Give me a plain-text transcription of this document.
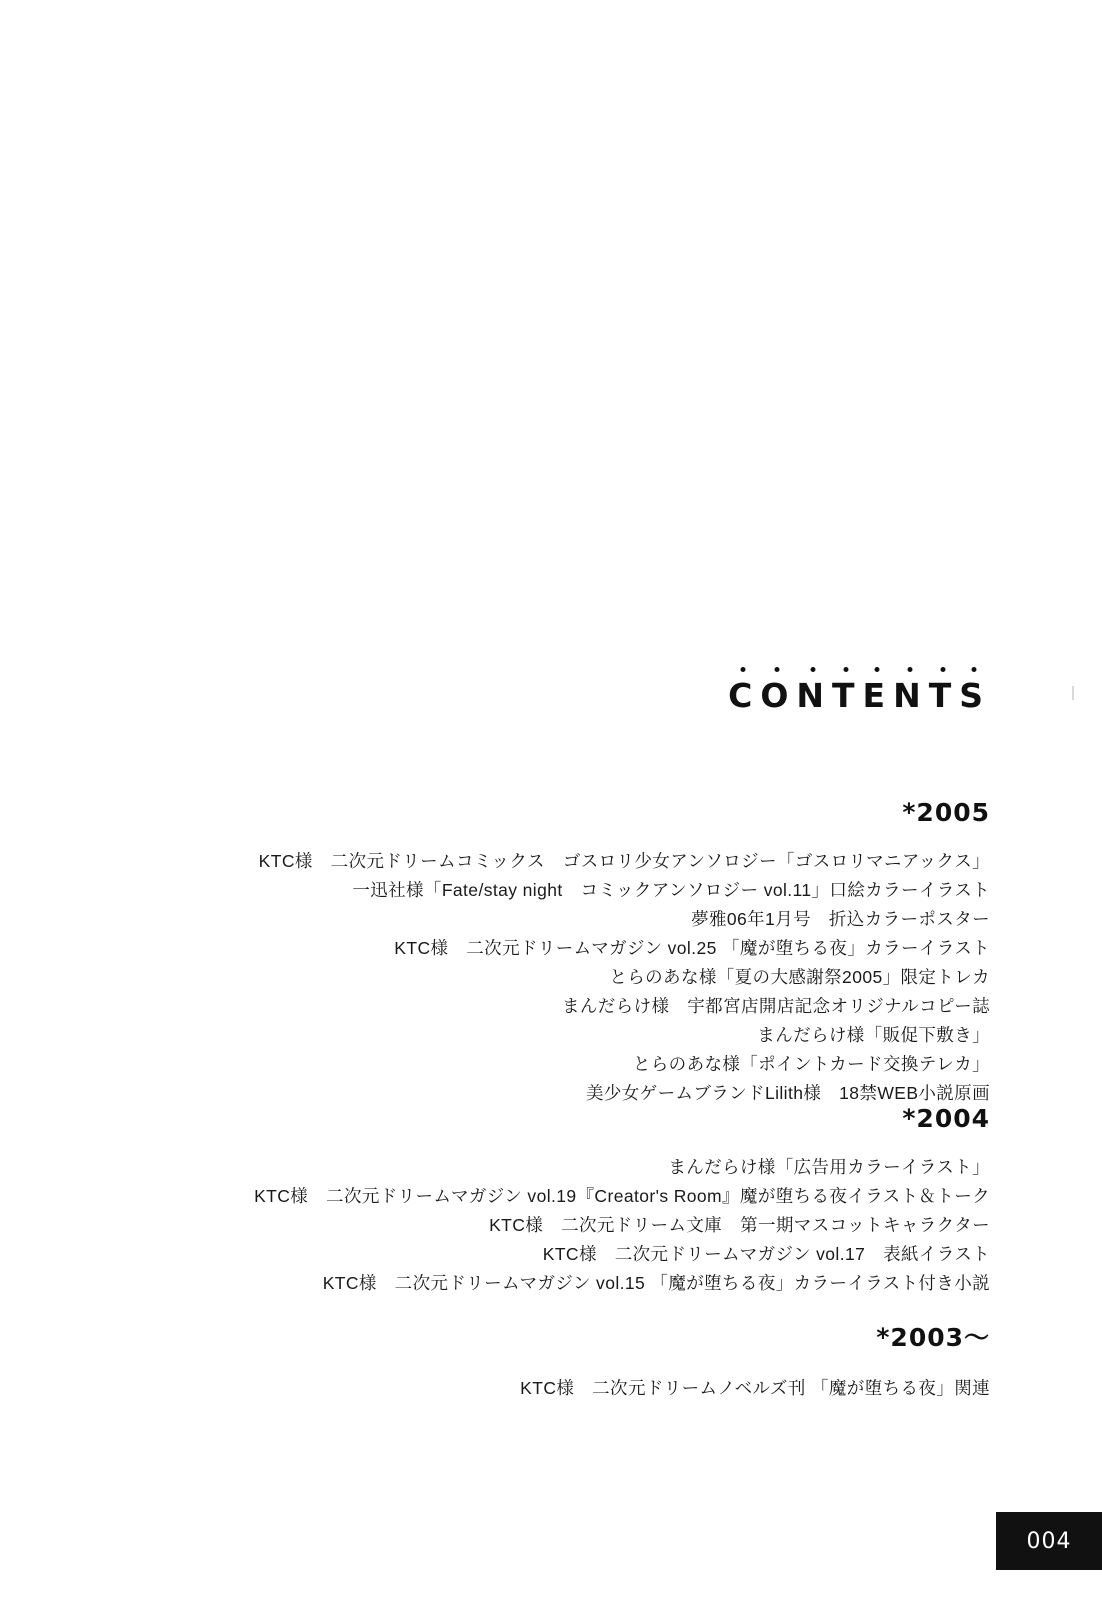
CONTENTS
*2005
KTC様　二次元ドリームコミックス　ゴスロリ少女アンソロジー「ゴスロリマニアックス」
一迅社様「Fate/stay night　コミックアンソロジー vol.11」口絵カラーイラスト
夢雅06年1月号　折込カラーポスター
KTC様　二次元ドリームマガジン vol.25 「魔が堕ちる夜」カラーイラスト
とらのあな様「夏の大感謝祭2005」限定トレカ
まんだらけ様　宇都宮店開店記念オリジナルコピー誌
まんだらけ様「販促下敷き」
とらのあな様「ポイントカード交換テレカ」
美少女ゲームブランドLilith様　18禁WEB小説原画
*2004
まんだらけ様「広告用カラーイラスト」
KTC様　二次元ドリームマガジン vol.19『Creator's Room』魔が堕ちる夜イラスト＆トーク
KTC様　二次元ドリーム文庫　第一期マスコットキャラクター
KTC様　二次元ドリームマガジン vol.17　表紙イラスト
KTC様　二次元ドリームマガジン vol.15 「魔が堕ちる夜」カラーイラスト付き小説
*2003〜
KTC様　二次元ドリームノベルズ刊 「魔が堕ちる夜」関連
004
